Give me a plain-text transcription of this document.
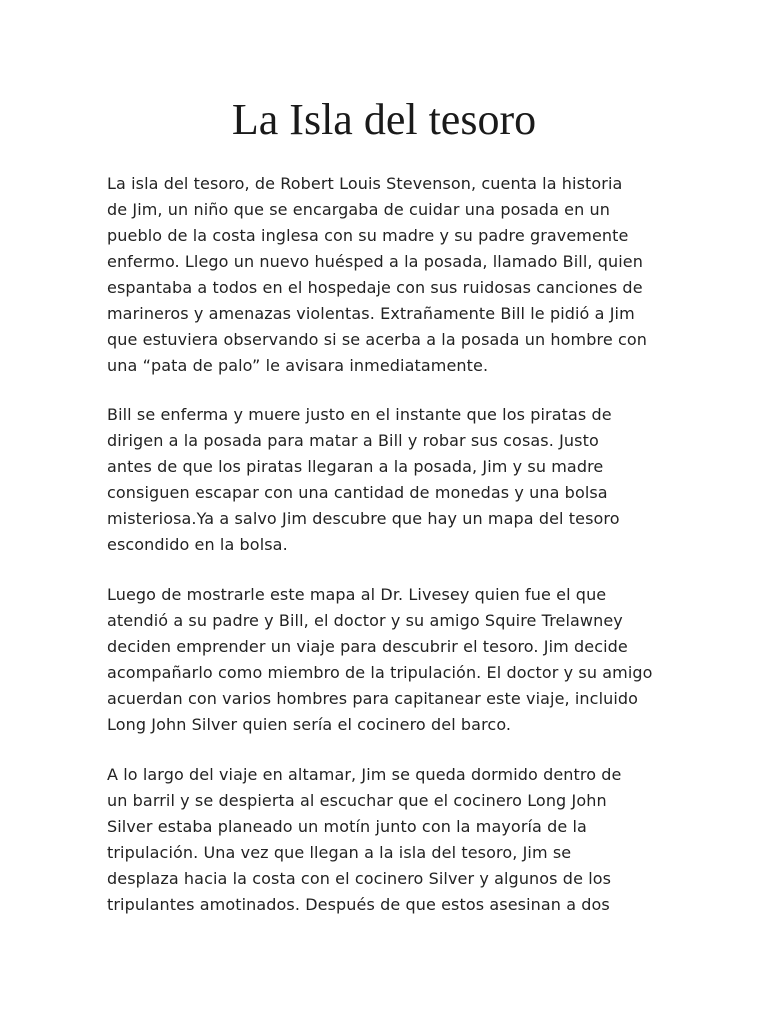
La Isla del tesoro
La isla del tesoro, de Robert Louis Stevenson, cuenta la historia
de Jim, un niño que se encargaba de cuidar una posada en un
pueblo de la costa inglesa con su madre y su padre gravemente
enfermo. Llego un nuevo huésped a la posada, llamado Bill, quien
espantaba a todos en el hospedaje con sus ruidosas canciones de
marineros y amenazas violentas. Extrañamente Bill le pidió a Jim
que estuviera observando si se acerba a la posada un hombre con
una “pata de palo” le avisara inmediatamente.
Bill se enferma y muere justo en el instante que los piratas de
dirigen a la posada para matar a Bill y robar sus cosas. Justo
antes de que los piratas llegaran a la posada, Jim y su madre
consiguen escapar con una cantidad de monedas y una bolsa
misteriosa.Ya a salvo Jim descubre que hay un mapa del tesoro
escondido en la bolsa.
Luego de mostrarle este mapa al Dr. Livesey quien fue el que
atendió a su padre y Bill, el doctor y su amigo Squire Trelawney
deciden emprender un viaje para descubrir el tesoro. Jim decide
acompañarlo como miembro de la tripulación. El doctor y su amigo
acuerdan con varios hombres para capitanear este viaje, incluido
Long John Silver quien sería el cocinero del barco.
A lo largo del viaje en altamar, Jim se queda dormido dentro de
un barril y se despierta al escuchar que el cocinero Long John
Silver estaba planeado un motín junto con la mayoría de la
tripulación. Una vez que llegan a la isla del tesoro, Jim se
desplaza hacia la costa con el cocinero Silver y algunos de los
tripulantes amotinados. Después de que estos asesinan a dos
